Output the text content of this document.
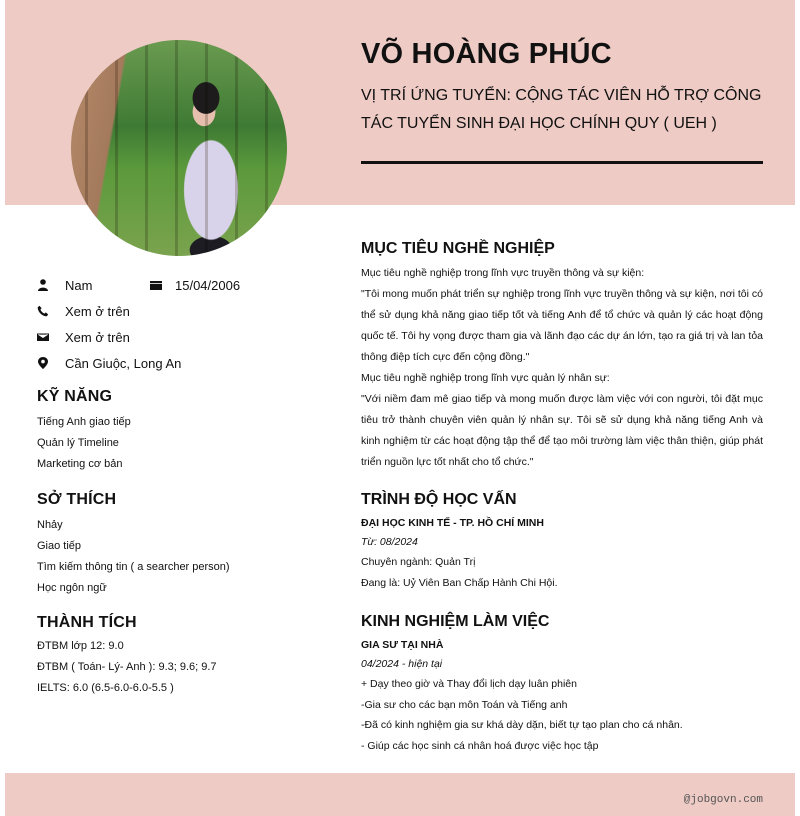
VÕ HOÀNG PHÚC
VỊ TRÍ ỨNG TUYỂN: CỘNG TÁC VIÊN HỖ TRỢ CÔNG TÁC TUYỂN SINH ĐẠI HỌC CHÍNH QUY ( UEH )
Nam	15/04/2006
Xem ở trên
Xem ở trên
Cần Giuộc, Long An
KỸ NĂNG
Tiếng Anh giao tiếp
Quản lý Timeline
Marketing cơ bản
SỞ THÍCH
Nhảy
Giao tiếp
Tìm kiếm thông tin ( a searcher person)
Học ngôn ngữ
THÀNH TÍCH
ĐTBM lớp 12: 9.0
ĐTBM ( Toán- Lý- Anh ): 9.3; 9.6; 9.7
IELTS: 6.0 (6.5-6.0-6.0-5.5 )
MỤC TIÊU NGHỀ NGHIỆP
Mục tiêu nghề nghiệp trong lĩnh vực truyền thông và sự kiện:
"Tôi mong muốn phát triển sự nghiệp trong lĩnh vực truyền thông và sự kiện, nơi tôi có thể sử dụng khả năng giao tiếp tốt và tiếng Anh để tổ chức và quản lý các hoạt động quốc tế. Tôi hy vọng được tham gia và lãnh đạo các dự án lớn, tạo ra giá trị và lan tỏa thông điệp tích cực đến cộng đồng."
Mục tiêu nghề nghiệp trong lĩnh vực quản lý nhân sự:
"Với niềm đam mê giao tiếp và mong muốn được làm việc với con người, tôi đặt mục tiêu trở thành chuyên viên quản lý nhân sự. Tôi sẽ sử dụng khả năng tiếng Anh và kinh nghiệm từ các hoạt động tập thể để tạo môi trường làm việc thân thiện, giúp phát triển nguồn lực tốt nhất cho tổ chức."
TRÌNH ĐỘ HỌC VẤN
ĐẠI HỌC KINH TẾ - TP. HỒ CHÍ MINH
Từ: 08/2024
Chuyên ngành: Quản Trị
Đang là: Uỷ Viên Ban Chấp Hành Chi Hội.
KINH NGHIỆM LÀM VIỆC
GIA SƯ TẠI NHÀ
04/2024 - hiện tại
+ Dạy theo giờ và Thay đổi lịch dạy luân phiên
-Gia sư cho các bạn môn Toán và Tiếng anh
-Đã có kinh nghiệm gia sư khá dày dặn, biết tự tạo plan cho cá nhân.
- Giúp các học sinh cá nhân hoá được việc học tập
@jobgovn.com
